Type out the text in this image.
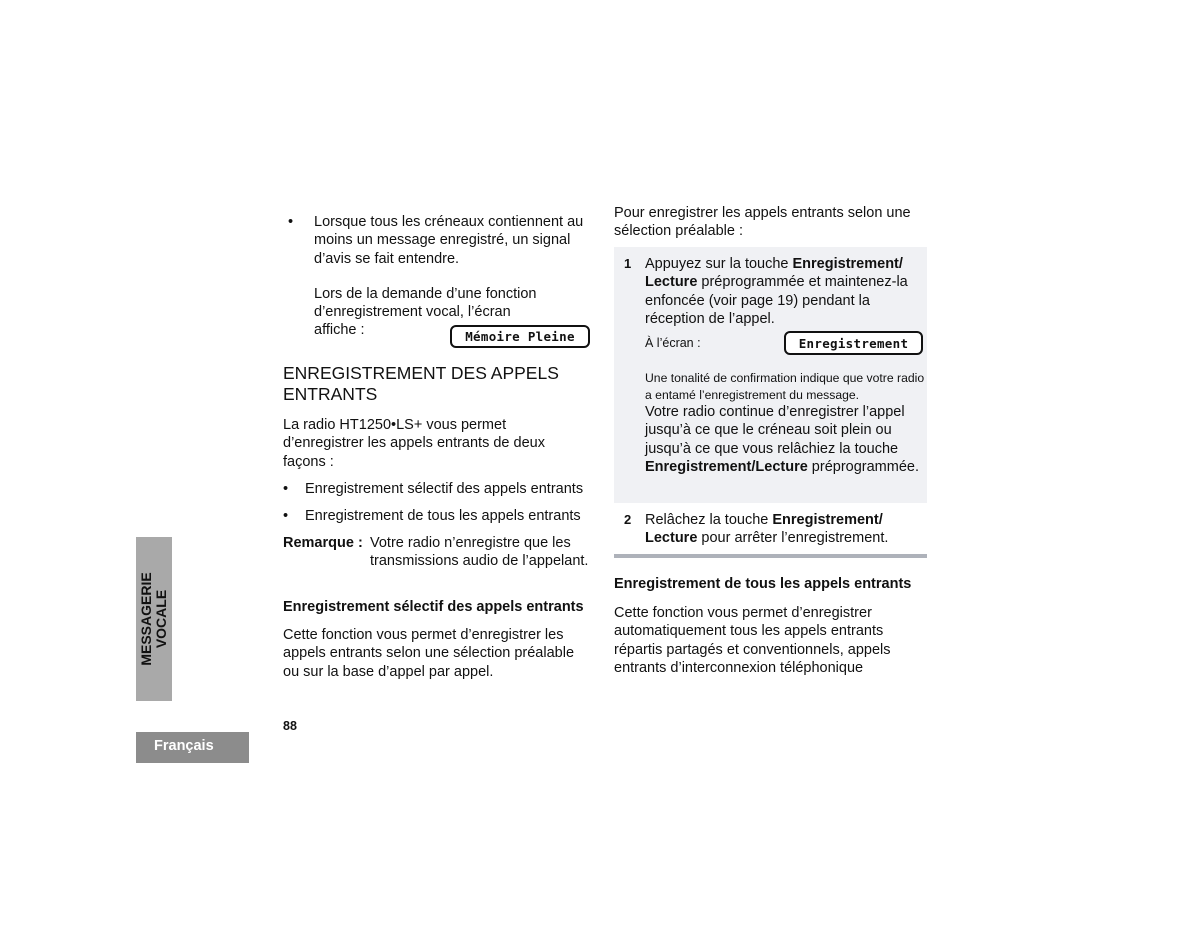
MESSAGERIE VOCALE
Français
• Lorsque tous les créneaux contiennent au moins un message enregistré, un signal d’avis se fait entendre.

Lors de la demande d’une fonction d’enregistrement vocal, l’écran

affiche :	Mémoire Pleine
ENREGISTREMENT DES APPELS ENTRANTS

La radio HT1250•LS+ vous permet d’enregistrer les appels entrants de deux façons :

• Enregistrement sélectif des appels entrants

• Enregistrement de tous les appels entrants

Remarque : Votre radio n’enregistre que les transmissions audio de l’appelant.

Enregistrement sélectif des appels entrants

Cette fonction vous permet d’enregistrer les appels entrants selon une sélection préalable ou sur la base d’appel par appel.

88

Pour enregistrer les appels entrants selon une sélection préalable :

1 Appuyez sur la touche Enregistrement/ Lecture préprogrammée et maintenez-la enfoncée (voir page 19) pendant la réception de l’appel.

À l’écran :	Enregistrement

Une tonalité de confirmation indique que votre radio a entamé l’enregistrement du message.

Votre radio continue d’enregistrer l’appel jusqu’à ce que le créneau soit plein ou jusqu’à ce que vous relâchiez la touche Enregistrement/Lecture préprogrammée.

2 Relâchez la touche Enregistrement/ Lecture pour arrêter l’enregistrement.

Enregistrement de tous les appels entrants

Cette fonction vous permet d’enregistrer automatiquement tous les appels entrants répartis partagés et conventionnels, appels entrants d’interconnexion téléphonique
